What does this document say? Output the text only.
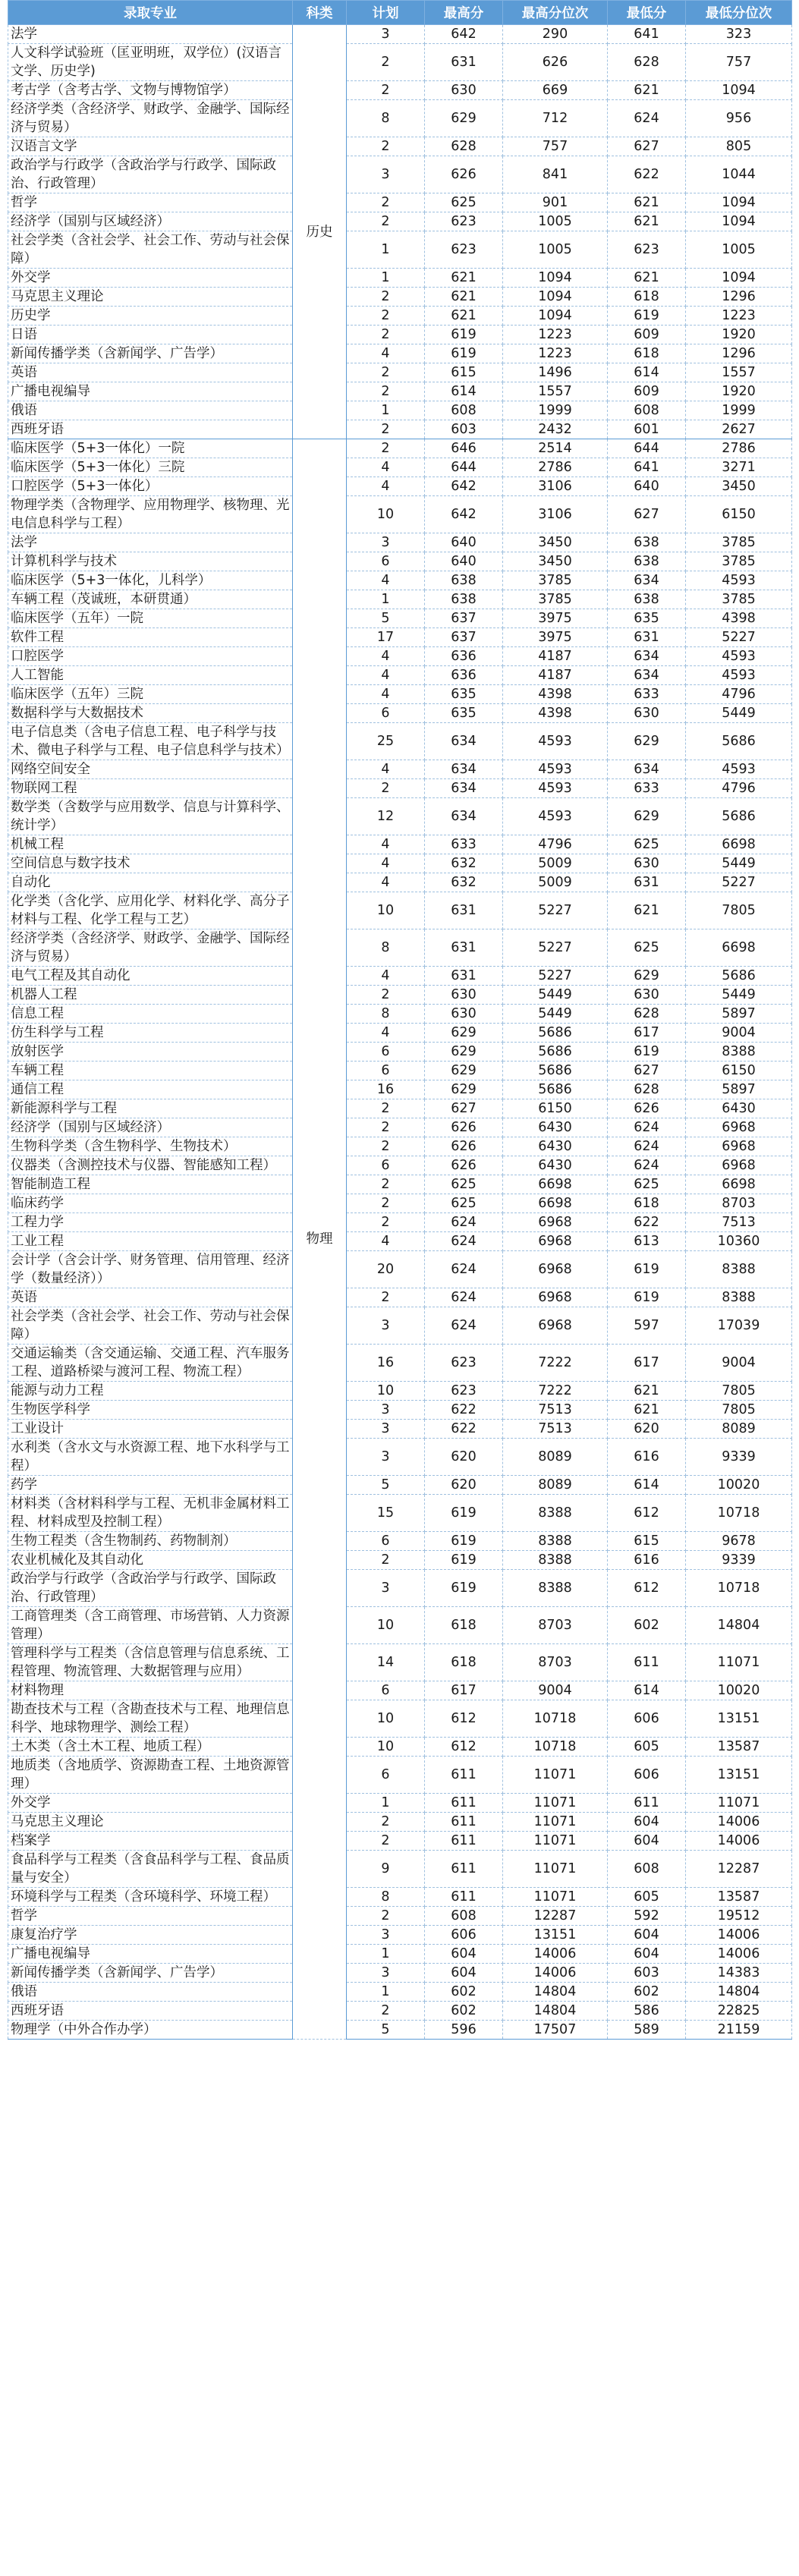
录取专业	科类	计划	最高分	最高分位次	最低分	最低分位次
法学	历史	3	642	290	641	323
人文科学试验班（匡亚明班，双学位）(汉语言文学、历史学)		2	631	626	628	757
考古学（含考古学、文物与博物馆学）		2	630	669	621	1094
经济学类（含经济学、财政学、金融学、国际经济与贸易）		8	629	712	624	956
汉语言文学		2	628	757	627	805
政治学与行政学（含政治学与行政学、国际政治、行政管理）		3	626	841	622	1044
哲学		2	625	901	621	1094
经济学（国别与区域经济）		2	623	1005	621	1094
社会学类（含社会学、社会工作、劳动与社会保障）		1	623	1005	623	1005
外交学		1	621	1094	621	1094
马克思主义理论		2	621	1094	618	1296
历史学		2	621	1094	619	1223
日语		2	619	1223	609	1920
新闻传播学类（含新闻学、广告学）		4	619	1223	618	1296
英语		2	615	1496	614	1557
广播电视编导		2	614	1557	609	1920
俄语		1	608	1999	608	1999
西班牙语		2	603	2432	601	2627
临床医学（5+3一体化）一院	物理	2	646	2514	644	2786
临床医学（5+3一体化）三院		4	644	2786	641	3271
口腔医学（5+3一体化）		4	642	3106	640	3450
物理学类（含物理学、应用物理学、核物理、光电信息科学与工程）		10	642	3106	627	6150
法学		3	640	3450	638	3785
计算机科学与技术		6	640	3450	638	3785
临床医学（5+3一体化，儿科学）		4	638	3785	634	4593
车辆工程（茂诚班，本研贯通）		1	638	3785	638	3785
临床医学（五年）一院		5	637	3975	635	4398
软件工程		17	637	3975	631	5227
口腔医学		4	636	4187	634	4593
人工智能		4	636	4187	634	4593
临床医学（五年）三院		4	635	4398	633	4796
数据科学与大数据技术		6	635	4398	630	5449
电子信息类（含电子信息工程、电子科学与技术、微电子科学与工程、电子信息科学与技术）		25	634	4593	629	5686
网络空间安全		4	634	4593	634	4593
物联网工程		2	634	4593	633	4796
数学类（含数学与应用数学、信息与计算科学、统计学）		12	634	4593	629	5686
机械工程		4	633	4796	625	6698
空间信息与数字技术		4	632	5009	630	5449
自动化		4	632	5009	631	5227
化学类（含化学、应用化学、材料化学、高分子材料与工程、化学工程与工艺）		10	631	5227	621	7805
经济学类（含经济学、财政学、金融学、国际经济与贸易）		8	631	5227	625	6698
电气工程及其自动化		4	631	5227	629	5686
机器人工程		2	630	5449	630	5449
信息工程		8	630	5449	628	5897
仿生科学与工程		4	629	5686	617	9004
放射医学		6	629	5686	619	8388
车辆工程		6	629	5686	627	6150
通信工程		16	629	5686	628	5897
新能源科学与工程		2	627	6150	626	6430
经济学（国别与区域经济）		2	626	6430	624	6968
生物科学类（含生物科学、生物技术）		2	626	6430	624	6968
仪器类（含测控技术与仪器、智能感知工程）		6	626	6430	624	6968
智能制造工程		2	625	6698	625	6698
临床药学		2	625	6698	618	8703
工程力学		2	624	6968	622	7513
工业工程		4	624	6968	613	10360
会计学（含会计学、财务管理、信用管理、经济学（数量经济））		20	624	6968	619	8388
英语		2	624	6968	619	8388
社会学类（含社会学、社会工作、劳动与社会保障）		3	624	6968	597	17039
交通运输类（含交通运输、交通工程、汽车服务工程、道路桥梁与渡河工程、物流工程）		16	623	7222	617	9004
能源与动力工程		10	623	7222	621	7805
生物医学科学		3	622	7513	621	7805
工业设计		3	622	7513	620	8089
水利类（含水文与水资源工程、地下水科学与工程）		3	620	8089	616	9339
药学		5	620	8089	614	10020
材料类（含材料科学与工程、无机非金属材料工程、材料成型及控制工程）		15	619	8388	612	10718
生物工程类（含生物制药、药物制剂）		6	619	8388	615	9678
农业机械化及其自动化		2	619	8388	616	9339
政治学与行政学（含政治学与行政学、国际政治、行政管理）		3	619	8388	612	10718
工商管理类（含工商管理、市场营销、人力资源管理）		10	618	8703	602	14804
管理科学与工程类（含信息管理与信息系统、工程管理、物流管理、大数据管理与应用）		14	618	8703	611	11071
材料物理		6	617	9004	614	10020
勘查技术与工程（含勘查技术与工程、地理信息科学、地球物理学、测绘工程）		10	612	10718	606	13151
土木类（含土木工程、地质工程）		10	612	10718	605	13587
地质类（含地质学、资源勘查工程、土地资源管理）		6	611	11071	606	13151
外交学		1	611	11071	611	11071
马克思主义理论		2	611	11071	604	14006
档案学		2	611	11071	604	14006
食品科学与工程类（含食品科学与工程、食品质量与安全）		9	611	11071	608	12287
环境科学与工程类（含环境科学、环境工程）		8	611	11071	605	13587
哲学		2	608	12287	592	19512
康复治疗学		3	606	13151	604	14006
广播电视编导		1	604	14006	604	14006
新闻传播学类（含新闻学、广告学）		3	604	14006	603	14383
俄语		1	602	14804	602	14804
西班牙语		2	602	14804	586	22825
物理学（中外合作办学）		5	596	17507	589	21159
